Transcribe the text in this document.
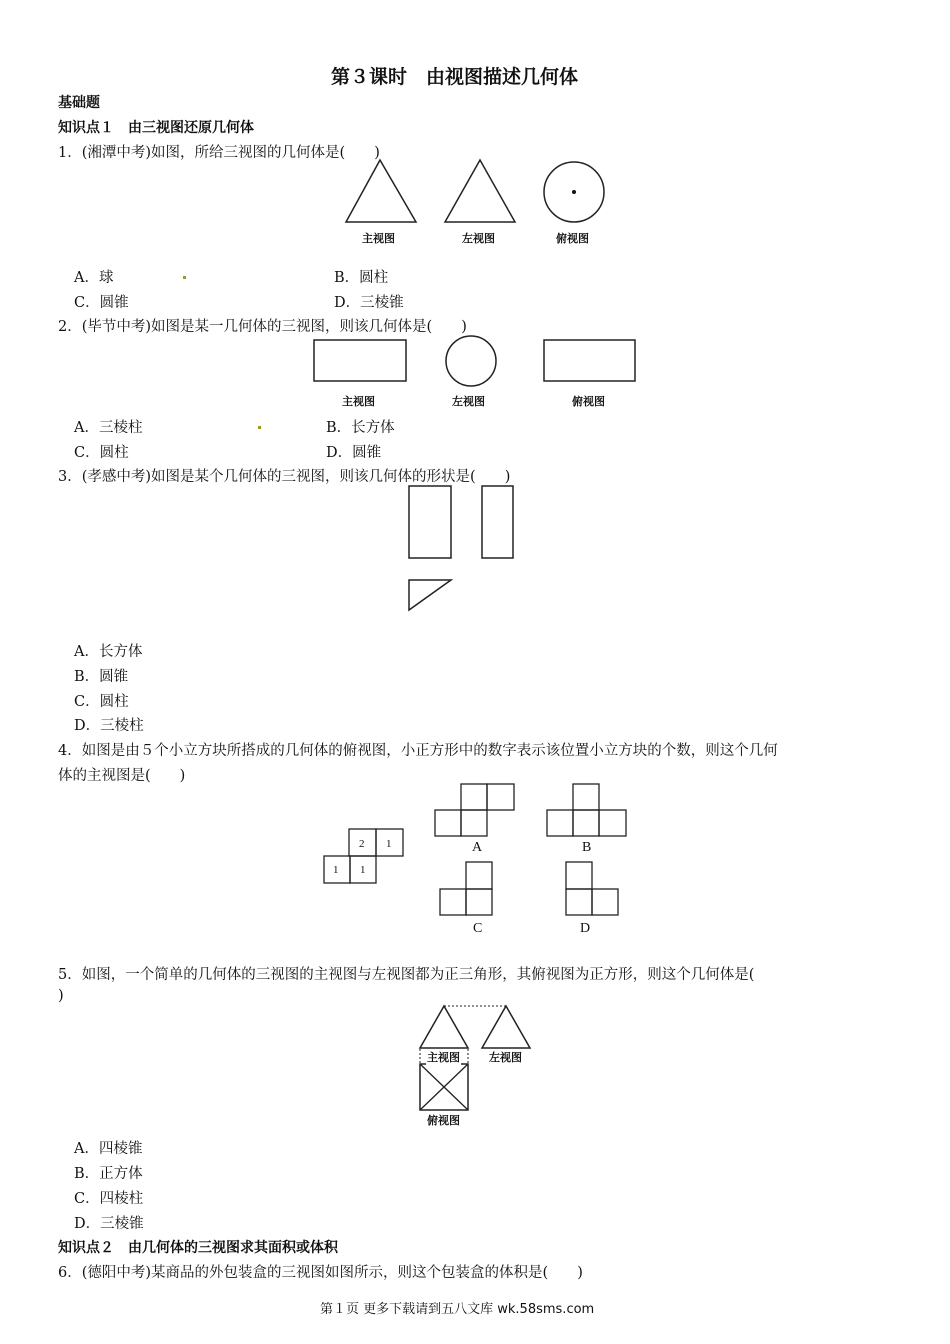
第３课时　由视图描述几何体
基础题
知识点１　由三视图还原几何体
1．(湘潭中考)如图，所给三视图的几何体是(　　)
主视图	左视图	俯视图
A．球	B．圆柱
C．圆锥	D．三棱锥
2．(毕节中考)如图是某一几何体的三视图，则该几何体是(　　)
主视图	左视图	俯视图
A．三棱柱	B．长方体
C．圆柱	D．圆锥
3．(孝感中考)如图是某个几何体的三视图，则该几何体的形状是(　　)
A．长方体
B．圆锥
C．圆柱
D．三棱柱
4．如图是由５个小立方块所搭成的几何体的俯视图，小正方形中的数字表示该位置小立方块的个数，则这个几何
体的主视图是(　　)
2 1
1 1
A	B
C	D
5．如图，一个简单的几何体的三视图的主视图与左视图都为正三角形，其俯视图为正方形，则这个几何体是(
)
主视图	左视图
俯视图
A．四棱锥
B．正方体
C．四棱柱
D．三棱锥
知识点２　由几何体的三视图求其面积或体积
6．(德阳中考)某商品的外包装盒的三视图如图所示，则这个包装盒的体积是(　　)
第１页 更多下载请到五八文库 wk.58sms.com
